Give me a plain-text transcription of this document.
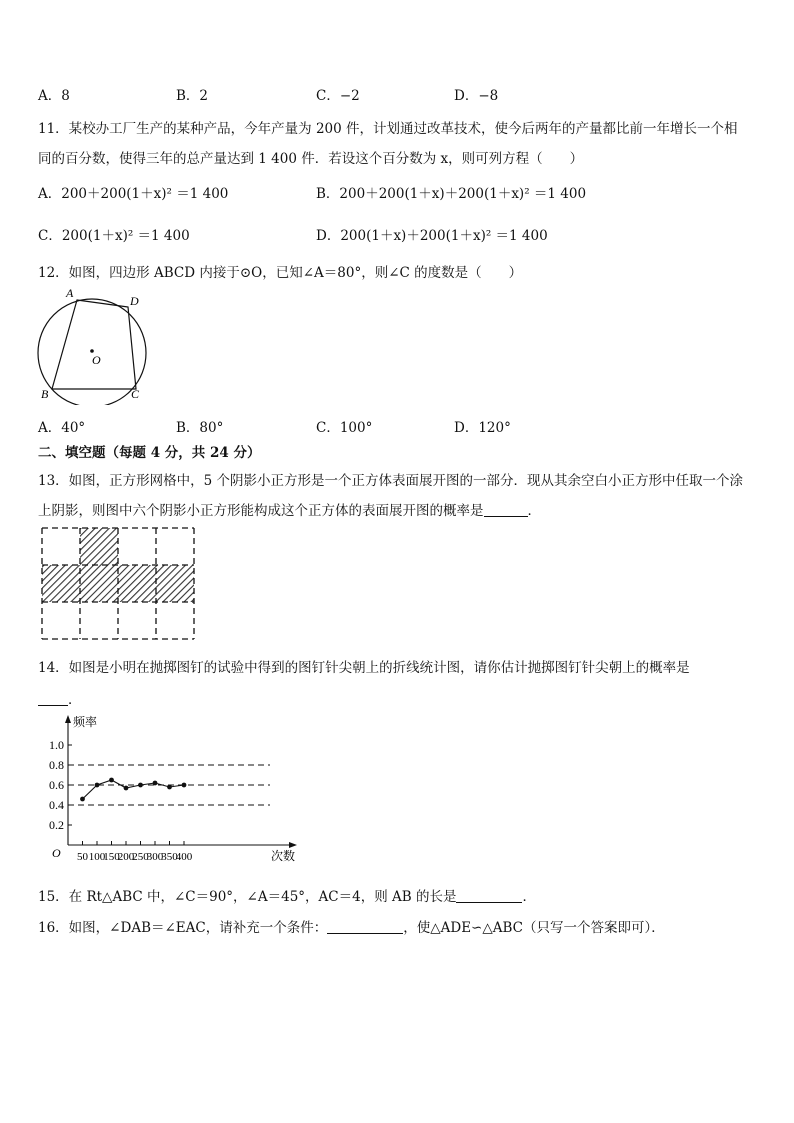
A．8	B．2	C．−2	D．−8
11．某校办工厂生产的某种产品，今年产量为 200 件，计划通过改革技术，使今后两年的产量都比前一年增长一个相
同的百分数，使得三年的总产量达到 1 400 件．若设这个百分数为 x，则可列方程（　　）
A．200＋200(1＋x)² ＝1 400	B．200＋200(1＋x)＋200(1＋x)² ＝1 400
C．200(1＋x)² ＝1 400	D．200(1＋x)＋200(1＋x)² ＝1 400
12．如图，四边形 ABCD 内接于⊙O，已知∠A＝80°，则∠C 的度数是（　　）
A
D
B	C
O
A．40°	B．80°	C．100°	D．120°
二、填空题（每题 4 分，共 24 分）
13．如图，正方形网格中，5 个阴影小正方形是一个正方体表面展开图的一部分．现从其余空白小正方形中任取一个涂
上阴影，则图中六个阴影小正方形能构成这个正方体的表面展开图的概率是	．
14．如图是小明在抛掷图钉的试验中得到的图钉针尖朝上的折线统计图，请你估计抛掷图钉针尖朝上的概率是
．
频率
次数
O
1.0
0.8
0.6
0.4
0.2
50 100
150
200
250
300
350
400
15．在 Rt△ABC 中，∠C＝90°，∠A＝45°，AC＝4，则 AB 的长是	．
16．如图，∠DAB＝∠EAC，请补充一个条件：	，使△ADE∽△ABC（只写一个答案即可）．
